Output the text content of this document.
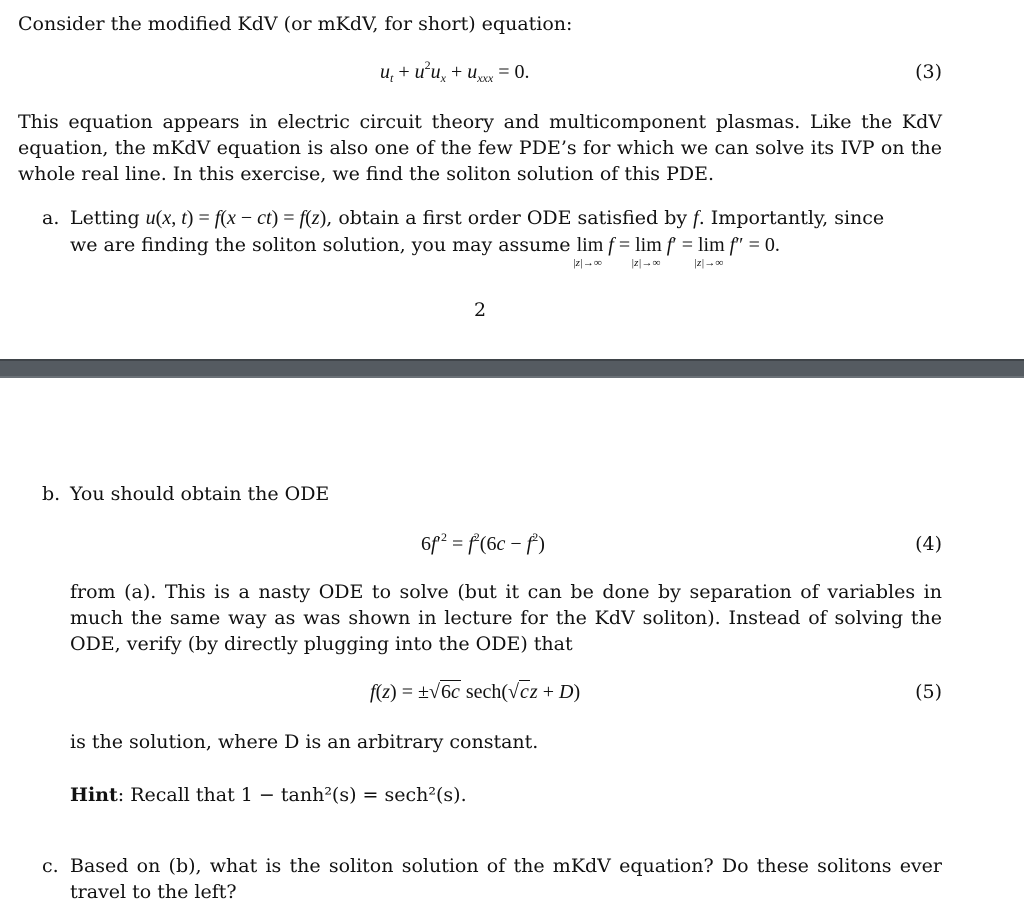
Consider the modified KdV (or mKdV, for short) equation:
$u_t + u^2u_x + u_{xxx} = 0$.	(3)
This equation appears in electric circuit theory and multicomponent plasmas. Like the KdV equation, the mKdV equation is also one of the few PDE’s for which we can solve its IVP on the whole real line. In this exercise, we find the soliton solution of this PDE.
a. Letting u(x, t) = f(x − ct) = f(z), obtain a first order ODE satisfied by f. Importantly, since
we are finding the soliton solution, you may assume lim
|z|→∞
f = lim
|z|→∞
f′ = lim
|z|→∞
f″ = 0.
2
b. You should obtain the ODE
$6f'^2 = f^2(6c - f^2)$	(4)
from (a). This is a nasty ODE to solve (but it can be done by separation of variables in much the same way as was shown in lecture for the KdV soliton). Instead of solving the ODE, verify (by directly plugging into the ODE) that
f(z) = ±√6c sech(√cz + D)	(5)
is the solution, where D is an arbitrary constant.
Hint: Recall that 1 − tanh²(s) = sech²(s).
c. Based on (b), what is the soliton solution of the mKdV equation? Do these solitons ever travel to the left?
